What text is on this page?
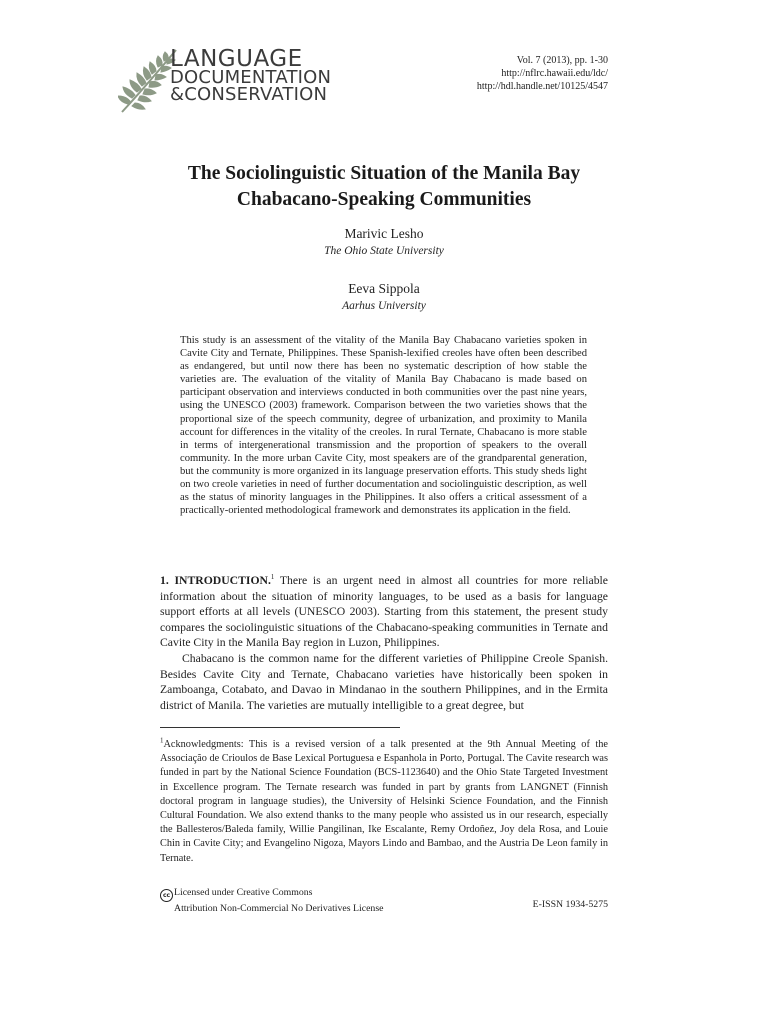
LANGUAGE
DOCUMENTATION
&CONSERVATION
Vol. 7 (2013), pp. 1-30
http://nflrc.hawaii.edu/ldc/
http://hdl.handle.net/10125/4547
The Sociolinguistic Situation of the Manila Bay
Chabacano-Speaking Communities
Marivic Lesho
The Ohio State University
Eeva Sippola
Aarhus University
This study is an assessment of the vitality of the Manila Bay Chabacano varieties spoken in Cavite City and Ternate, Philippines. These Spanish-lexified creoles have often been described as endangered, but until now there has been no systematic description of how stable the varieties are. The evaluation of the vitality of Manila Bay Chabacano is made based on participant observation and interviews conducted in both communities over the past nine years, using the UNESCO (2003) framework. Comparison between the two varieties shows that the proportional size of the speech community, degree of urbanization, and proximity to Manila account for differences in the vitality of the creoles. In rural Ternate, Chabacano is more stable in terms of intergenerational transmission and the proportion of speakers to the overall community. In the more urban Cavite City, most speakers are of the grandparental generation, but the community is more organized in its language preservation efforts. This study sheds light on two creole varieties in need of further documentation and sociolinguistic description, as well as the status of minority languages in the Philippines. It also offers a critical assessment of a practically-oriented methodological framework and demonstrates its application in the field.

1. INTRODUCTION.$^1$ There is an urgent need in almost all countries for more reliable information about the situation of minority languages, to be used as a basis for language support efforts at all levels (UNESCO 2003). Starting from this statement, the present study compares the sociolinguistic situations of the Chabacano-speaking communities in Ternate and Cavite City in the Manila Bay region in Luzon, Philippines.

Chabacano is the common name for the different varieties of Philippine Creole Spanish. Besides Cavite City and Ternate, Chabacano varieties have historically been spoken in Zamboanga, Cotabato, and Davao in Mindanao in the southern Philippines, and in the Ermita district of Manila. The varieties are mutually intelligible to a great degree, but

$^1$Acknowledgments: This is a revised version of a talk presented at the 9th Annual Meeting of the Associação de Crioulos de Base Lexical Portuguesa e Espanhola in Porto, Portugal. The Cavite research was funded in part by the National Science Foundation (BCS-1123640) and the Ohio State Targeted Investment in Excellence program. The Ternate research was funded in part by grants from LANGNET (Finnish doctoral program in language studies), the University of Helsinki Science Foundation, and the Finnish Cultural Foundation. We also extend thanks to the many people who assisted us in our research, especially the Ballesteros/Baleda family, Willie Pangilinan, Ike Escalante, Remy Ordoñez, Joy dela Rosa, and Louie Chin in Cavite City; and Evangelino Nigoza, Mayors Lindo and Bambao, and the Austria De Leon family in Ternate.
cc Licensed under Creative Commons
Attribution Non-Commercial No Derivatives License	E-ISSN 1934-5275
